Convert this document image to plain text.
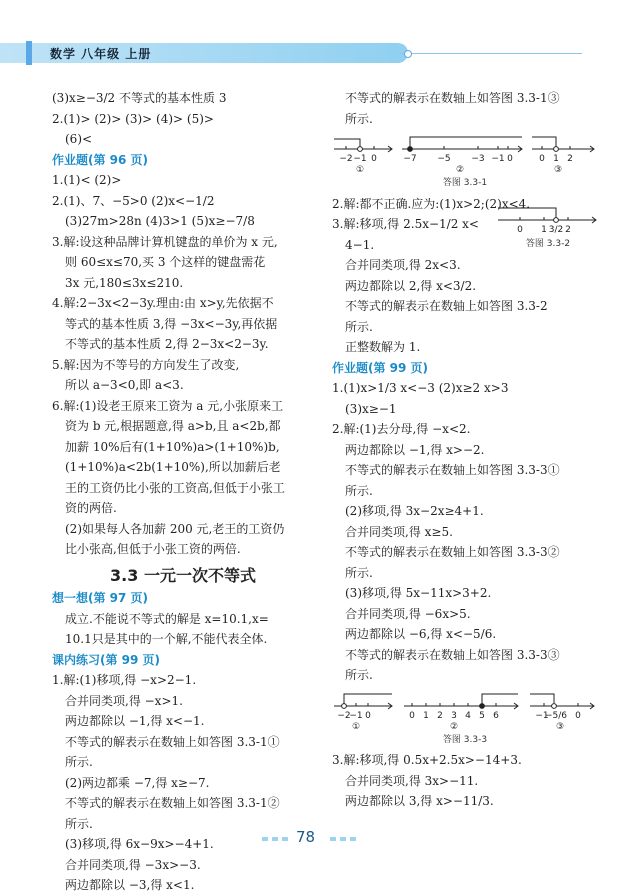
数学 八年级 上册
(3)x≥−3/2 不等式的基本性质 3
2.(1)> (2)> (3)> (4)> (5)>
(6)<
作业题(第 96 页)
1.(1)< (2)>
2.(1)、7̅、−5̅>0 (2)x<−1/2
(3)27m>28n (4)3>1 (5)x≥−7/8
3.解:设这种品牌计算机键盘的单价为 x 元,
则 60≤x≤70,买 3 个这样的键盘需花
3x 元,180≤3x≤210.
4.解:2−3x<2−3y.理由:由 x>y,先依据不
等式的基本性质 3,得 −3x<−3y,再依据
不等式的基本性质 2,得 2−3x<2−3y.
5.解:因为不等号的方向发生了改变,
所以 a−3<0,即 a<3.
6.解:(1)设老王原来工资为 a 元,小张原来工
资为 b 元,根据题意,得 a>b,且 a<2b,都
加薪 10%后有(1+10%)a>(1+10%)b,
(1+10%)a<2b(1+10%),所以加薪后老
王的工资仍比小张的工资高,但低于小张工
资的两倍.
(2)如果每人各加薪 200 元,老王的工资仍
比小张高,但低于小张工资的两倍.
3.3 一元一次不等式
想一想(第 97 页)
成立.不能说不等式的解是 x=10.1,x=
10.1只是其中的一个解,不能代表全体.
课内练习(第 99 页)
1.解:(1)移项,得 −x>2−1.
合并同类项,得 −x>1.
两边都除以 −1,得 x<−1.
不等式的解表示在数轴上如答图 3.3-1①
所示.
(2)两边都乘 −7,得 x≥−7.
不等式的解表示在数轴上如答图 3.3-1②
所示.
(3)移项,得 6x−9x>−4+1.
合并同类项,得 −3x>−3.
两边都除以 −3,得 x<1.
不等式的解表示在数轴上如答图 3.3-1③
所示.
−2 −1 0	−7 −5 −3 −1 0	0 1 2
①	②	③
答图 3.3-1
2.解:都不正确.应为:(1)x>2;(2)x<4.
3.解:移项,得 2.5x−1/2 x<
4−1.
合并同类项,得 2x<3.
两边都除以 2,得 x<3/2.
不等式的解表示在数轴上如答图 3.3-2
所示.
正整数解为 1.
作业题(第 99 页)
1.(1)x>1/3 x<−3 (2)x≥2 x>3
(3)x≥−1
2.解:(1)去分母,得 −x<2.
两边都除以 −1,得 x>−2.
不等式的解表示在数轴上如答图 3.3-3①
所示.
(2)移项,得 3x−2x≥4+1.
合并同类项,得 x≥5.
不等式的解表示在数轴上如答图 3.3-3②
所示.
(3)移项,得 5x−11x>3+2.
合并同类项,得 −6x>5.
两边都除以 −6,得 x<−5/6.
不等式的解表示在数轴上如答图 3.3-3③
所示.
−2
−1 0	0 1 2 3 4 5 6	−1
−5/6 0
①	②	③
答图 3.3-3
3.解:移项,得 0.5x+2.5x>−14+3.
合并同类项,得 3x>−11.
两边都除以 3,得 x>−11/3.
0 1 3/2 2
答图 3.3-2
78
